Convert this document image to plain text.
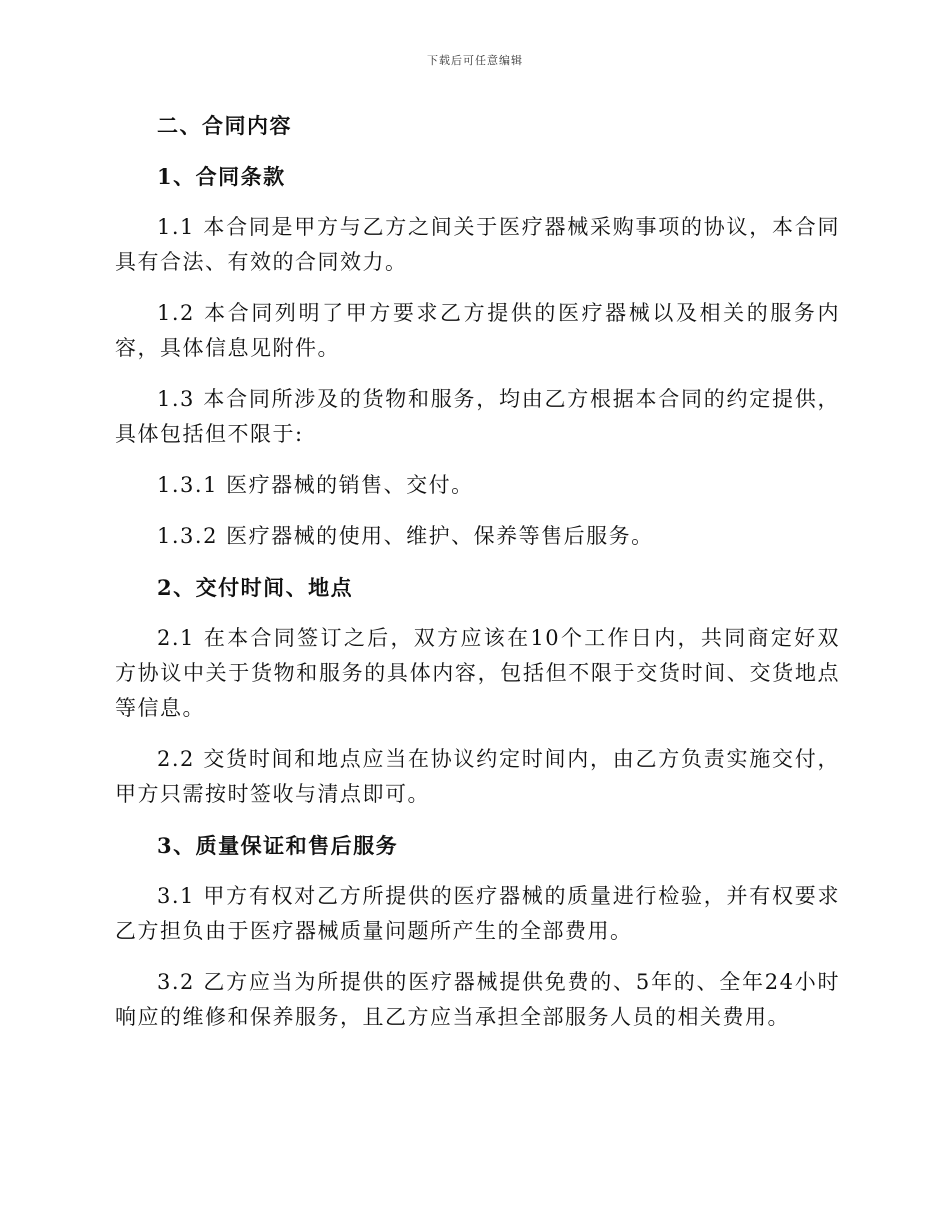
下载后可任意编辑

二、合同内容

1、合同条款

1.1 本合同是甲方与乙方之间关于医疗器械采购事项的协议，本合同具有合法、有效的合同效力。

1.2 本合同列明了甲方要求乙方提供的医疗器械以及相关的服务内容，具体信息见附件。

1.3 本合同所涉及的货物和服务，均由乙方根据本合同的约定提供，具体包括但不限于:

1.3.1 医疗器械的销售、交付。

1.3.2 医疗器械的使用、维护、保养等售后服务。

2、交付时间、地点

2.1 在本合同签订之后，双方应该在10个工作日内，共同商定好双方协议中关于货物和服务的具体内容，包括但不限于交货时间、交货地点等信息。

2.2 交货时间和地点应当在协议约定时间内，由乙方负责实施交付，甲方只需按时签收与清点即可。

3、质量保证和售后服务

3.1 甲方有权对乙方所提供的医疗器械的质量进行检验，并有权要求乙方担负由于医疗器械质量问题所产生的全部费用。

3.2 乙方应当为所提供的医疗器械提供免费的、5年的、全年24小时响应的维修和保养服务，且乙方应当承担全部服务人员的相关费用。
